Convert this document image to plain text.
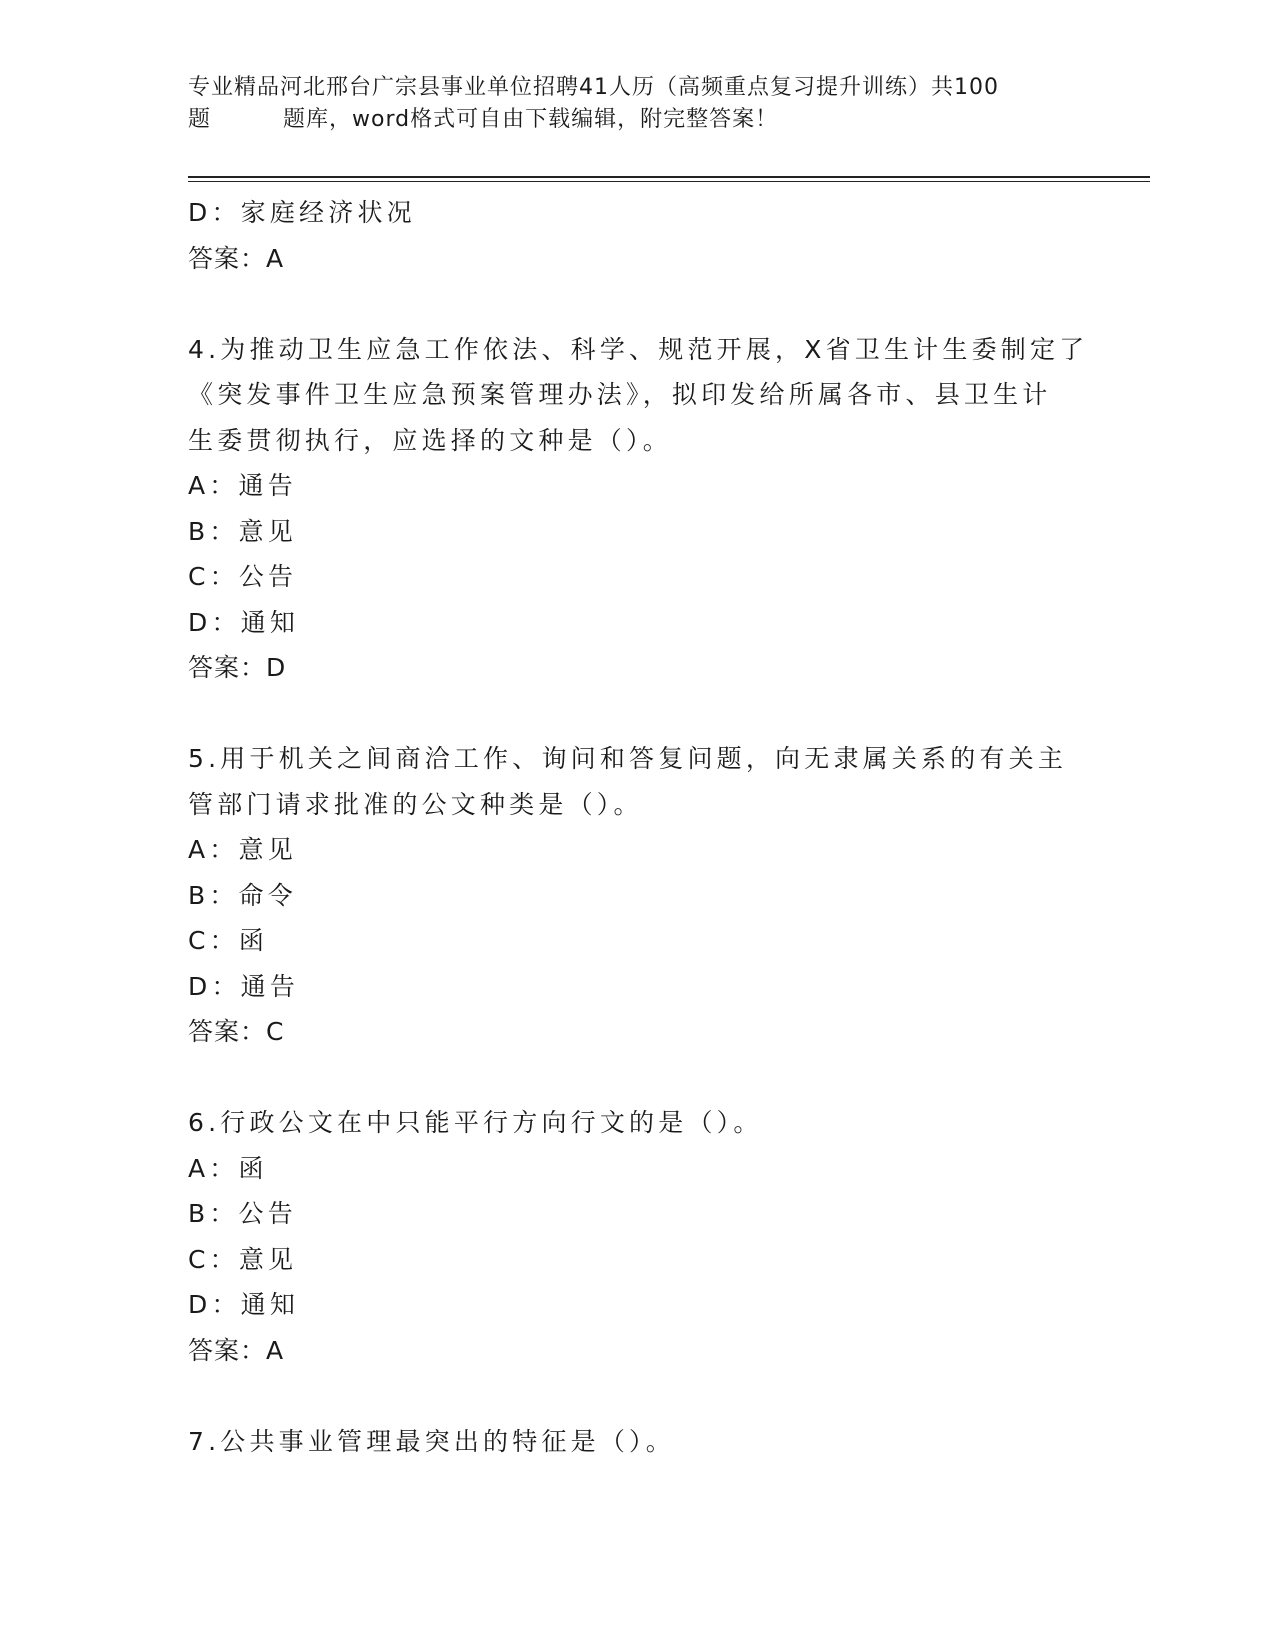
专业精品河北邢台广宗县事业单位招聘41人历（高频重点复习提升训练）共100
题	题库，word格式可自由下载编辑，附完整答案！
D：家庭经济状况
答案：A
4.为推动卫生应急工作依法、科学、规范开展，X省卫生计生委制定了
《突发事件卫生应急预案管理办法》，拟印发给所属各市、县卫生计
生委贯彻执行，应选择的文种是（）。
A：通告
B：意见
C：公告
D：通知
答案：D
5.用于机关之间商洽工作、询问和答复问题，向无隶属关系的有关主
管部门请求批准的公文种类是（）。
A：意见
B：命令
C：函
D：通告
答案：C
6.行政公文在中只能平行方向行文的是（）。
A：函
B：公告
C：意见
D：通知
答案：A
7.公共事业管理最突出的特征是（）。
